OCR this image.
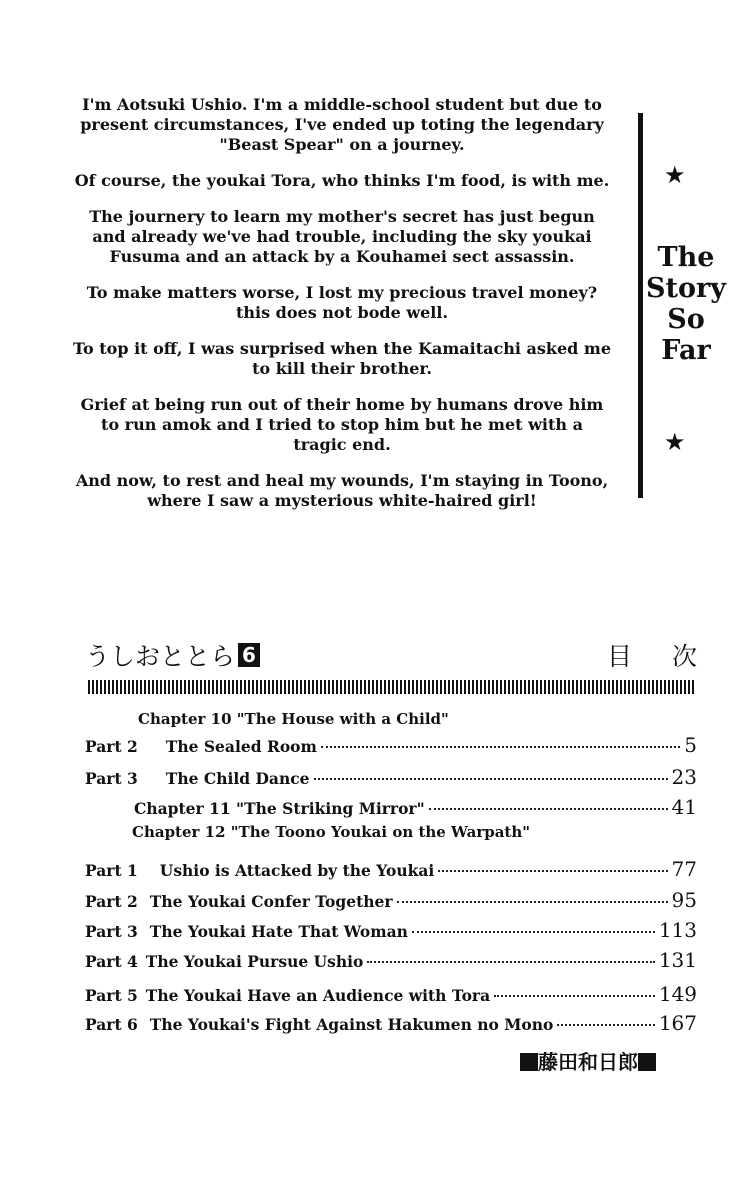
I'm Aotsuki Ushio. I'm a middle-school student but due to present circumstances, I've ended up toting the legendary "Beast Spear" on a journey.

Of course, the youkai Tora, who thinks I'm food, is with me.

The journery to learn my mother's secret has just begun and already we've had trouble, including the sky youkai Fusuma and an attack by a Kouhamei sect assassin.

To make matters worse, I lost my precious travel money?this does not bode well.

To top it off, I was surprised when the Kamaitachi asked me to kill their brother.

Grief at being run out of their home by humans drove him to run amok and I tried to stop him but he met with a tragic end.

And now, to rest and heal my wounds, I'm staying in Toono, where I saw a mysterious white-haired girl!

★
The
Story
So
Far
★
うしおととら 6	目次
Chapter 10 "The House with a Child"
Part 2 The Sealed Room	5
Part 3 The Child Dance	23
Chapter 11 "The Striking Mirror"	41
Chapter 12 "The Toono Youkai on the Warpath"
Part 1 Ushio is Attacked by the Youkai	77
Part 2 The Youkai Confer Together	95
Part 3 The Youkai Hate That Woman	113
Part 4 The Youkai Pursue Ushio	131
Part 5 The Youkai Have an Audience with Tora	149
Part 6 The Youkai's Fight Against Hakumen no Mono	167
藤田和日郎
